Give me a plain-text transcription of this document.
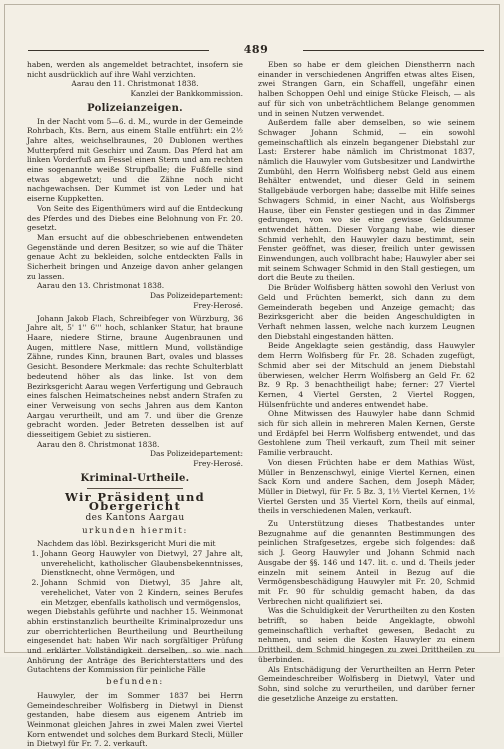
489

haben, werden als angemeldet betrachtet, insofern sie nicht ausdrücklich auf ihre Wahl verzichten.

Aarau den 11. Christmonat 1838.

Kanzlei der Bankkommission.
Polizeianzeigen.

In der Nacht vom 5—6. d. M., wurde in der Gemeinde Rohrbach, Kts. Bern, aus einem Stalle entführt: ein 2½ Jahre altes, weichselbraunes, 20 Dublonen werthes Mutterpferd mit Geschirr und Zaum. Das Pferd hat am linken Vorderfuß am Fessel einen Stern und am rechten eine sogenannte weiße Strupfballe; die Fußfelle sind etwas abgewetzt; und die Zähne noch nicht nachgewachsen. Der Kummet ist von Leder und hat eiserne Kuppketten.

Von Seite des Eigenthümers wird auf die Entdeckung des Pferdes und des Diebes eine Belohnung von Fr. 20. gesetzt.

Man ersucht auf die obbeschriebenen entwendeten Gegenstände und deren Besitzer, so wie auf die Thäter genaue Acht zu bekleiden, solche entdeckten Falls in Sicherheit bringen und Anzeige davon anher gelangen zu lassen.

Aarau den 13. Christmonat 1838.

Das Polizeidepartement:
Frey-Herosé.

Johann Jakob Flach, Schreibfeger von Würzburg, 36 Jahre alt, 5' 1'' 6''' hoch, schlanker Statur, hat braune Haare, niedere Stirne, braune Augenbraunen und Augen, mittlere Nase, mittlern Mund, vollständige Zähne, rundes Kinn, braunen Bart, ovales und blasses Gesicht. Besondere Merkmale: das rechte Schulterblatt bedeutend höher als das linke. Ist von dem Bezirksgericht Aarau wegen Verfertigung und Gebrauch eines falschen Heimatscheines nebst andern Strafen zu einer Verweisung von sechs Jahren aus dem Kanton Aargau verurtheilt, und am 7. und über die Grenze gebracht worden. Jeder Betreten desselben ist auf diesseitigem Gebiet zu sistieren.

Aarau den 8. Christmonat 1838.

Das Polizeidepartement:
Frey-Herosé.
Kriminal-Urtheile.
Wir Präsident und Obergericht
des Kantons Aargau
urkunden hiermit:

Nachdem das löbl. Bezirksgericht Muri die mit

1. Johann Georg Hauwyler von Dietwyl, 27 Jahre alt, unverehelicht, katholischer Glaubensbekenntnisses, Dienstknecht, ohne Vermögen, und
2. Johann Schmid von Dietwyl, 35 Jahre alt, verehelichet, Vater von 2 Kindern, seines Berufes ein Metzger, ebenfalls katholisch und vermögenslos,

wegen Diebstahls geführte und nachher 15. Weinmonat abhin erstinstanzlich beurtheilte Kriminalprozedur uns zur oberrichterlichen Beurtheilung und Beurtheilung eingesendet hat: haben Wir nach sorgfältiger Prüfung und erklärter Vollständigkeit derselben, so wie nach Anhörung der Anträge des Berichterstatters und des Gutachtens der Kommission für peinliche Fälle

befunden:

Hauwyler, der im Sommer 1837 bei Herrn Gemeindeschreiber Wolfisberg in Dietwyl in Dienst gestanden, habe diesem aus eigenem Antrieb im Weinmonat gleichen Jahres in zwei Malen zwei Viertel Korn entwendet und solches dem Burkard Stecli, Müller in Dietwyl für Fr. 7. 2. verkauft.

Eben so habe er dem gleichen Dienstherrn nach einander in verschiedenen Angriffen etwas altes Eisen, zwei Strangen Garn, ein Schaffell, ungefähr einen halben Schoppen Oehl und einige Stücke Fleisch, — als auf für sich von unbeträchtlichem Belange genommen und in seinen Nutzen verwendet.

Außerdem falle aber demselben, so wie seinem Schwager Johann Schmid, — ein sowohl gemeinschaftlich als einzeln begangener Diebstahl zur Last: Ersterer habe nämlich im Christmonat 1837, nämlich die Hauwyler vom Gutsbesitzer und Landwirthe Zumbühl, den Herrn Wolfisberg nebst Geld aus einem Behälter entwendet, und dieser Geld in seinem Stallgebäude verborgen habe; dasselbe mit Hilfe seines Schwagers Schmid, in einer Nacht, aus Wolfisbergs Hause, über ein Fenster gestiegen und in das Zimmer gedrungen, von wo sie eine gewisse Geldsumme entwendet hätten. Dieser Vorgang habe, wie dieser Schmid verhehlt, den Hauwyler dazu bestimmt, sein Fenster geöffnet, was dieser, freilich unter gewissen Einwendungen, auch vollbracht habe; Hauwyler aber sei mit seinem Schwager Schmid in den Stall gestiegen, um dort die Beute zu theilen.

Die Brüder Wolfisberg hätten sowohl den Verlust von Geld und Früchten bemerkt, sich dann zu dem Gemeinderath begeben und Anzeige gemacht; das Bezirksgericht aber die beiden Angeschuldigten in Verhaft nehmen lassen, welche nach kurzem Leugnen den Diebstahl eingestanden hätten.

Beide Angeklagte seien geständig, dass Hauwyler dem Herrn Wolfisberg für Fr. 28. Schaden zugefügt, Schmid aber sei der Mitschuld an jenem Diebstahl überwiesen, welcher Herrn Wolfisberg an Geld Fr. 62 Bz. 9 Rp. 3 benachtheiligt habe; ferner: 27 Viertel Kernen, 4 Viertel Gersten, 2 Viertel Roggen, Hülsenfrüchte und anderes entwendet habe.

Ohne Mitwissen des Hauwyler habe dann Schmid sich für sich allein in mehreren Malen Kernen, Gerste und Erdäpfel bei Herrn Wolfisberg entwendet, und das Gestohlene zum Theil verkauft, zum Theil mit seiner Familie verbraucht.

Von diesen Früchten habe er dem Mathias Wüst, Müller in Benzenschwyl, einige Viertel Kernen, einen Sack Korn und andere Sachen, dem Joseph Mäder, Müller in Dietwyl, für Fr. 5 Bz. 3, 1½ Viertel Kernen, 1½ Viertel Gersten und 35 Viertel Korn, theils auf einmal, theils in verschiedenen Malen, verkauft.

Zu Unterstützung dieses Thatbestandes unter Bezugnahme auf die genannten Bestimmungen des peinlichen Strafgesetzes, ergebe sich folgendes: daß sich J. Georg Hauwyler und Johann Schmid nach Ausgabe der §§. 146 und 147. lit. c. und d. Theils jeder einzeln mit seinem Anteil in Bezug auf die Vermögensbeschädigung Hauwyler mit Fr. 20, Schmid mit Fr. 90 für schuldig gemacht haben, da das Verbrechen nicht qualifiziert sei.

Was die Schuldigkeit der Verurtheilten zu den Kosten betrifft, so haben beide Angeklagte, obwohl gemeinschaftlich verhaftet gewesen, Bedacht zu nehmen, und seien die Kosten Hauwyler zu einem Drittheil, dem Schmid hingegen zu zwei Drittheilen zu überbinden.

Als Entschädigung der Verurtheilten an Herrn Peter Gemeindeschreiber Wolfisberg in Dietwyl, Vater und Sohn, sind solche zu verurtheilen, und darüber ferner die gesetzliche Anzeige zu erstatten.
